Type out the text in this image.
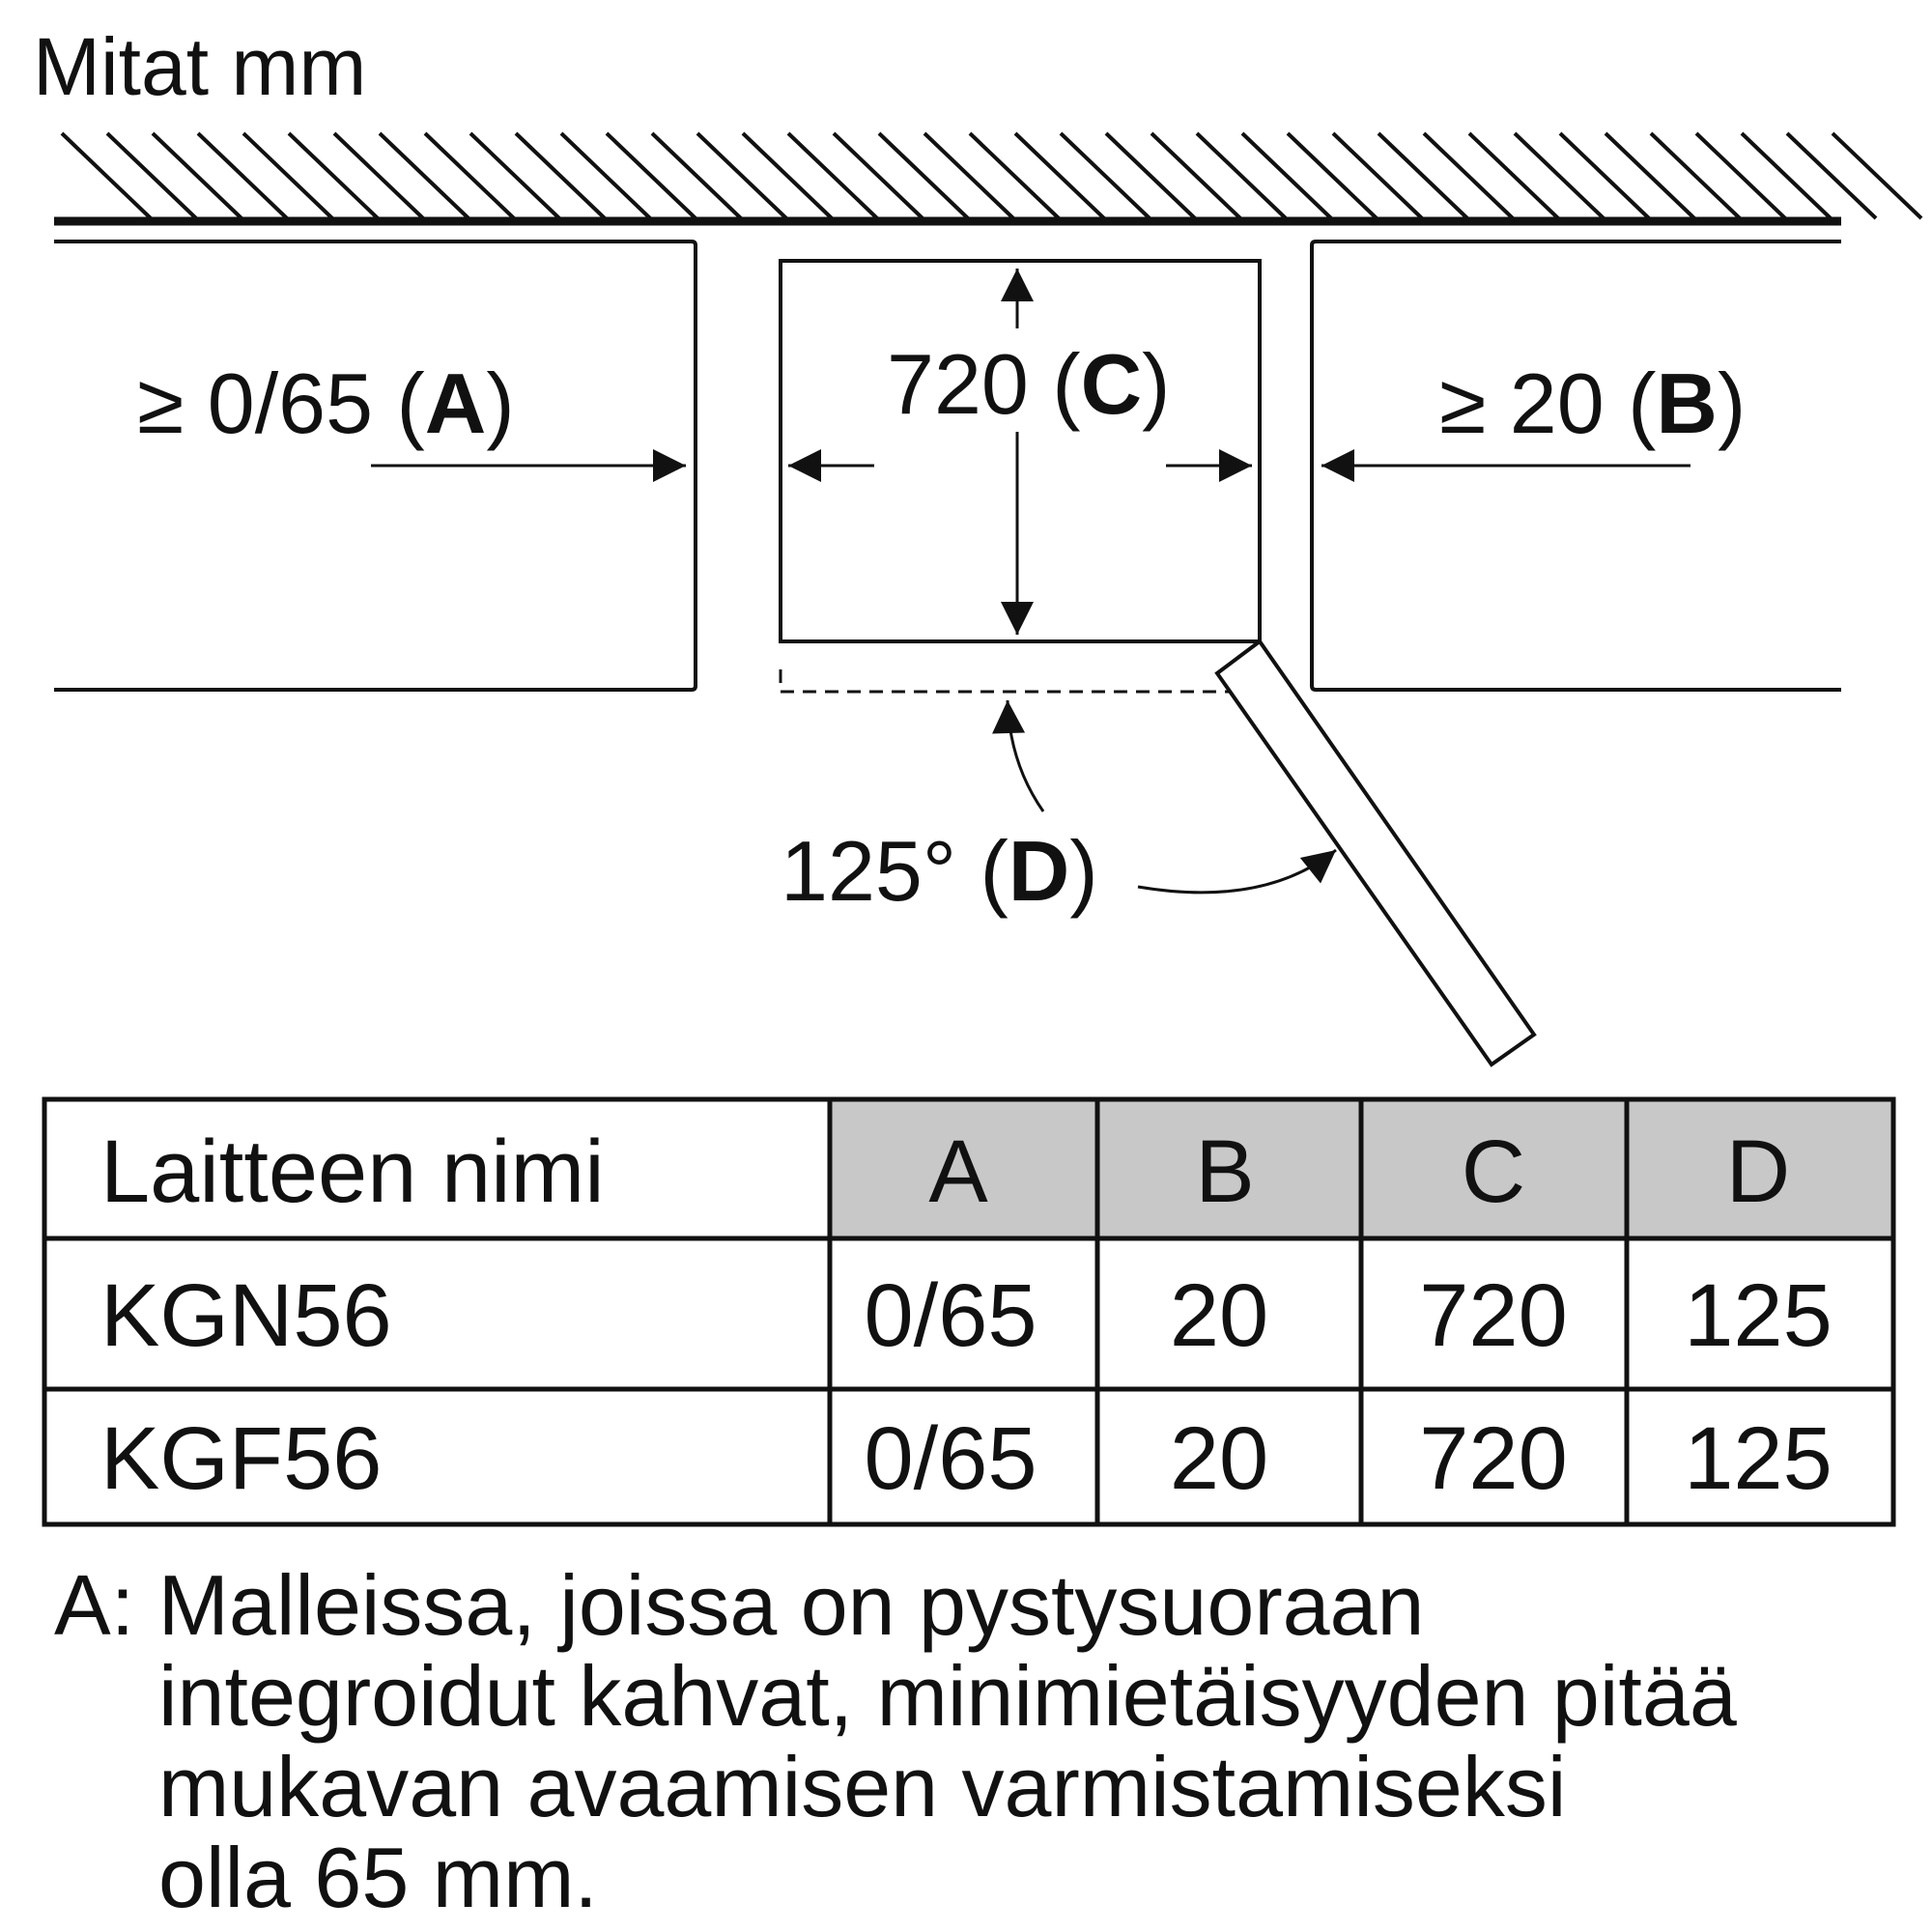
Mitat mm
≥ 0/65 (A)	720 (C)	≥ 20 (B)
125° (D)
Laitteen nimi	A B C D
KGN56	0/65 20 720 125
KGF56	0/65 20 720 125
A: Malleissa, joissa on pystysuoraan
integroidut kahvat, minimietäisyyden pitää
mukavan avaamisen varmistamiseksi
olla 65 mm.
